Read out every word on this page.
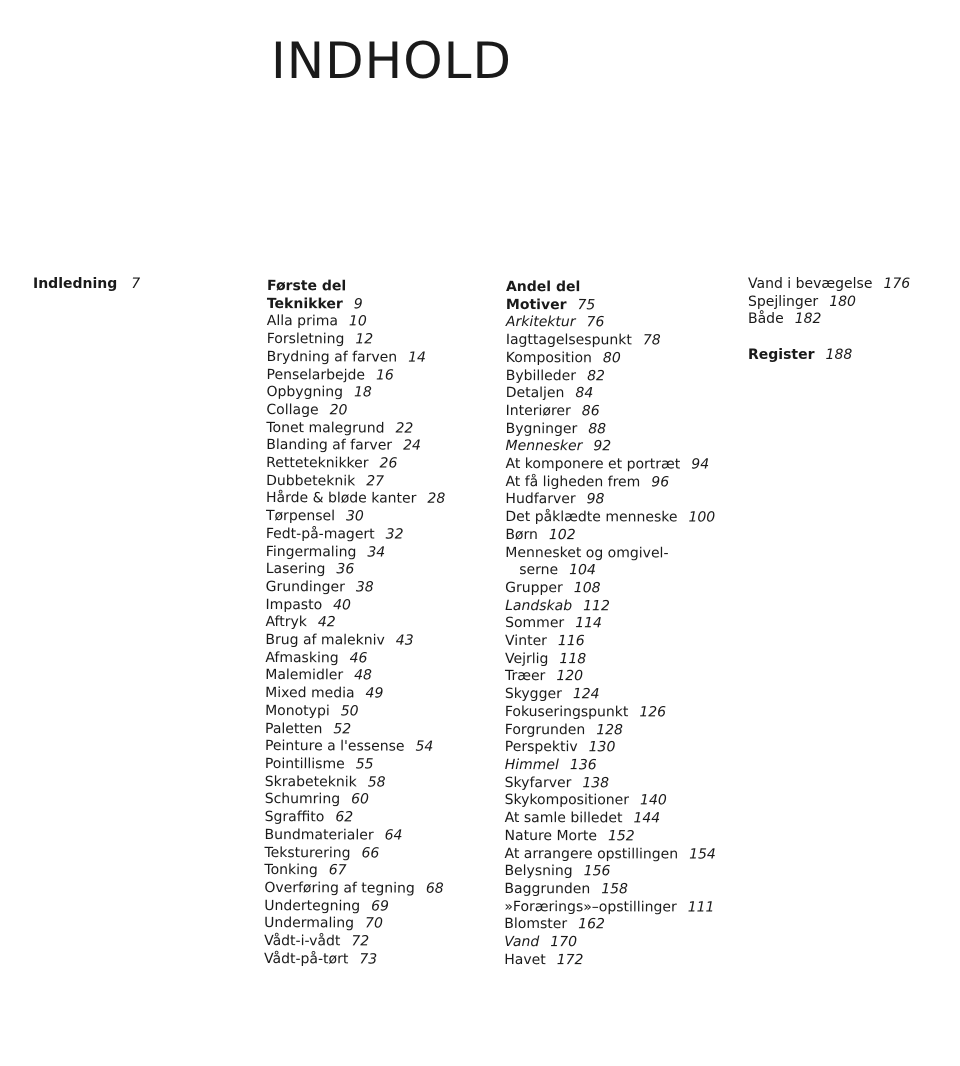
INDHOLD
Indledning 7	Første del
Teknikker 9
Alla prima 10
Forsletning 12
Brydning af farven 14
Penselarbejde 16
Opbygning 18
Collage 20
Tonet malegrund 22
Blanding af farver 24
Retteteknikker 26
Dubbeteknik 27
Hårde & bløde kanter 28
Tørpensel 30
Fedt-på-magert 32
Fingermaling 34
Lasering 36
Grundinger 38
Impasto 40
Aftryk 42
Brug af malekniv 43
Afmasking 46
Malemidler 48
Mixed media 49
Monotypi 50
Paletten 52
Peinture a l'essense 54
Pointillisme 55
Skrabeteknik 58
Schumring 60
Sgraffito 62
Bundmaterialer 64
Teksturering 66
Tonking 67
Overføring af tegning 68
Undertegning 69
Undermaling 70
Vådt-i-vådt 72
Vådt-på-tørt 73
Andel del
Motiver 75
Arkitektur 76
Iagttagelsespunkt 78
Komposition 80
Bybilleder 82
Detaljen 84
Interiører 86
Bygninger 88
Mennesker 92
At komponere et portræt 94
At få ligheden frem 96
Hudfarver 98
Det påklædte menneske 100
Børn 102
Mennesket og omgivel-
serne 104
Grupper 108
Landskab 112
Sommer 114
Vinter 116
Vejrlig 118
Træer 120
Skygger 124
Fokuseringspunkt 126
Forgrunden 128
Perspektiv 130
Himmel 136
Skyfarver 138
Skykompositioner 140
At samle billedet 144
Nature Morte 152
At arrangere opstillingen 154
Belysning 156
Baggrunden 158
»Forærings»–opstillinger 111
Blomster 162
Vand 170
Havet 172
Vand i bevægelse 176
Spejlinger 180
Både 182
Register 188
